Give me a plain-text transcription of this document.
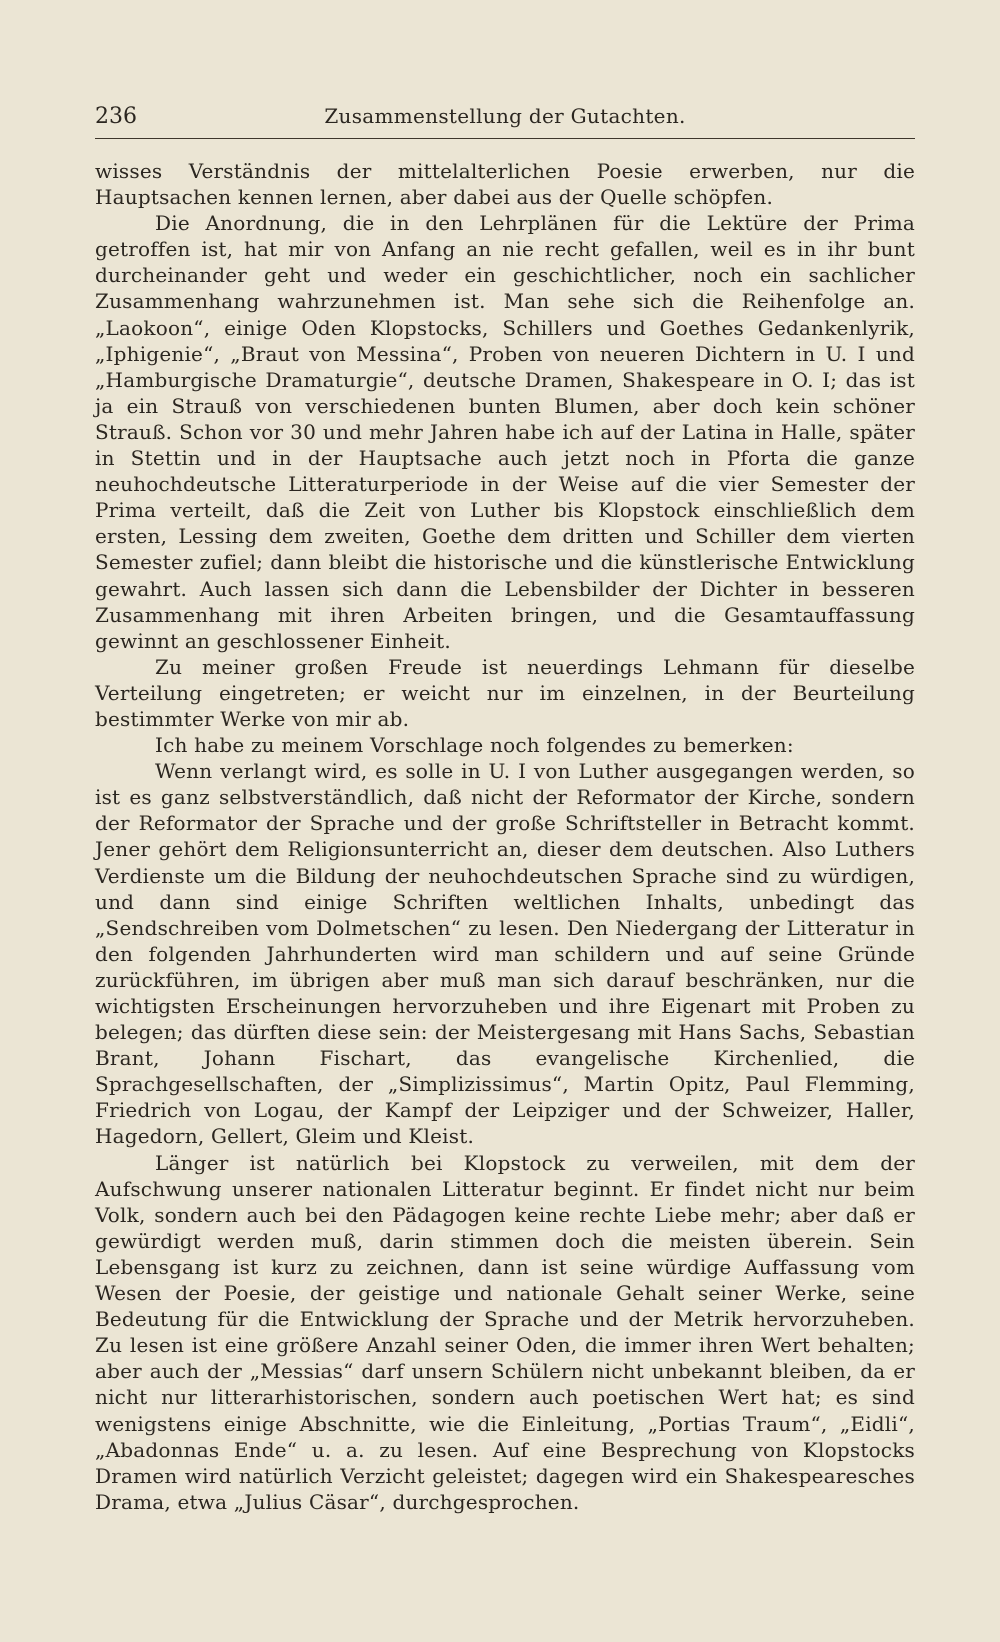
236	Zusammenstellung der Gutachten.

wisses Verständnis der mittelalterlichen Poesie erwerben, nur die Hauptsachen kennen lernen, aber dabei aus der Quelle schöpfen.

Die Anordnung, die in den Lehrplänen für die Lektüre der Prima getroffen ist, hat mir von Anfang an nie recht gefallen, weil es in ihr bunt durcheinander geht und weder ein geschichtlicher, noch ein sachlicher Zusammenhang wahrzunehmen ist. Man sehe sich die Reihenfolge an. „Laokoon“, einige Oden Klopstocks, Schillers und Goethes Gedankenlyrik, „Iphigenie“, „Braut von Messina“, Proben von neueren Dichtern in U. I und „Hamburgische Dramaturgie“, deutsche Dramen, Shakespeare in O. I; das ist ja ein Strauß von verschiedenen bunten Blumen, aber doch kein schöner Strauß. Schon vor 30 und mehr Jahren habe ich auf der Latina in Halle, später in Stettin und in der Hauptsache auch jetzt noch in Pforta die ganze neuhochdeutsche Litteraturperiode in der Weise auf die vier Semester der Prima verteilt, daß die Zeit von Luther bis Klopstock einschließlich dem ersten, Lessing dem zweiten, Goethe dem dritten und Schiller dem vierten Semester zufiel; dann bleibt die historische und die künstlerische Entwicklung gewahrt. Auch lassen sich dann die Lebensbilder der Dichter in besseren Zusammenhang mit ihren Arbeiten bringen, und die Gesamtauffassung gewinnt an geschlossener Einheit.

Zu meiner großen Freude ist neuerdings Lehmann für dieselbe Verteilung eingetreten; er weicht nur im einzelnen, in der Beurteilung bestimmter Werke von mir ab.

Ich habe zu meinem Vorschlage noch folgendes zu bemerken:

Wenn verlangt wird, es solle in U. I von Luther ausgegangen werden, so ist es ganz selbstverständlich, daß nicht der Reformator der Kirche, sondern der Reformator der Sprache und der große Schriftsteller in Betracht kommt. Jener gehört dem Religionsunterricht an, dieser dem deutschen. Also Luthers Verdienste um die Bildung der neuhochdeutschen Sprache sind zu würdigen, und dann sind einige Schriften weltlichen Inhalts, unbedingt das „Sendschreiben vom Dolmetschen“ zu lesen. Den Niedergang der Litteratur in den folgenden Jahrhunderten wird man schildern und auf seine Gründe zurückführen, im übrigen aber muß man sich darauf beschränken, nur die wichtigsten Erscheinungen hervorzuheben und ihre Eigenart mit Proben zu belegen; das dürften diese sein: der Meistergesang mit Hans Sachs, Sebastian Brant, Johann Fischart, das evangelische Kirchenlied, die Sprachgesellschaften, der „Simplizissimus“, Martin Opitz, Paul Flemming, Friedrich von Logau, der Kampf der Leipziger und der Schweizer, Haller, Hagedorn, Gellert, Gleim und Kleist.

Länger ist natürlich bei Klopstock zu verweilen, mit dem der Aufschwung unserer nationalen Litteratur beginnt. Er findet nicht nur beim Volk, sondern auch bei den Pädagogen keine rechte Liebe mehr; aber daß er gewürdigt werden muß, darin stimmen doch die meisten überein. Sein Lebensgang ist kurz zu zeichnen, dann ist seine würdige Auffassung vom Wesen der Poesie, der geistige und nationale Gehalt seiner Werke, seine Bedeutung für die Entwicklung der Sprache und der Metrik hervorzuheben. Zu lesen ist eine größere Anzahl seiner Oden, die immer ihren Wert behalten; aber auch der „Messias“ darf unsern Schülern nicht unbekannt bleiben, da er nicht nur litterarhistorischen, sondern auch poetischen Wert hat; es sind wenigstens einige Abschnitte, wie die Einleitung, „Portias Traum“, „Eidli“, „Abadonnas Ende“ u. a. zu lesen. Auf eine Besprechung von Klopstocks Dramen wird natürlich Verzicht geleistet; dagegen wird ein Shakespearesches Drama, etwa „Julius Cäsar“, durchgesprochen.
